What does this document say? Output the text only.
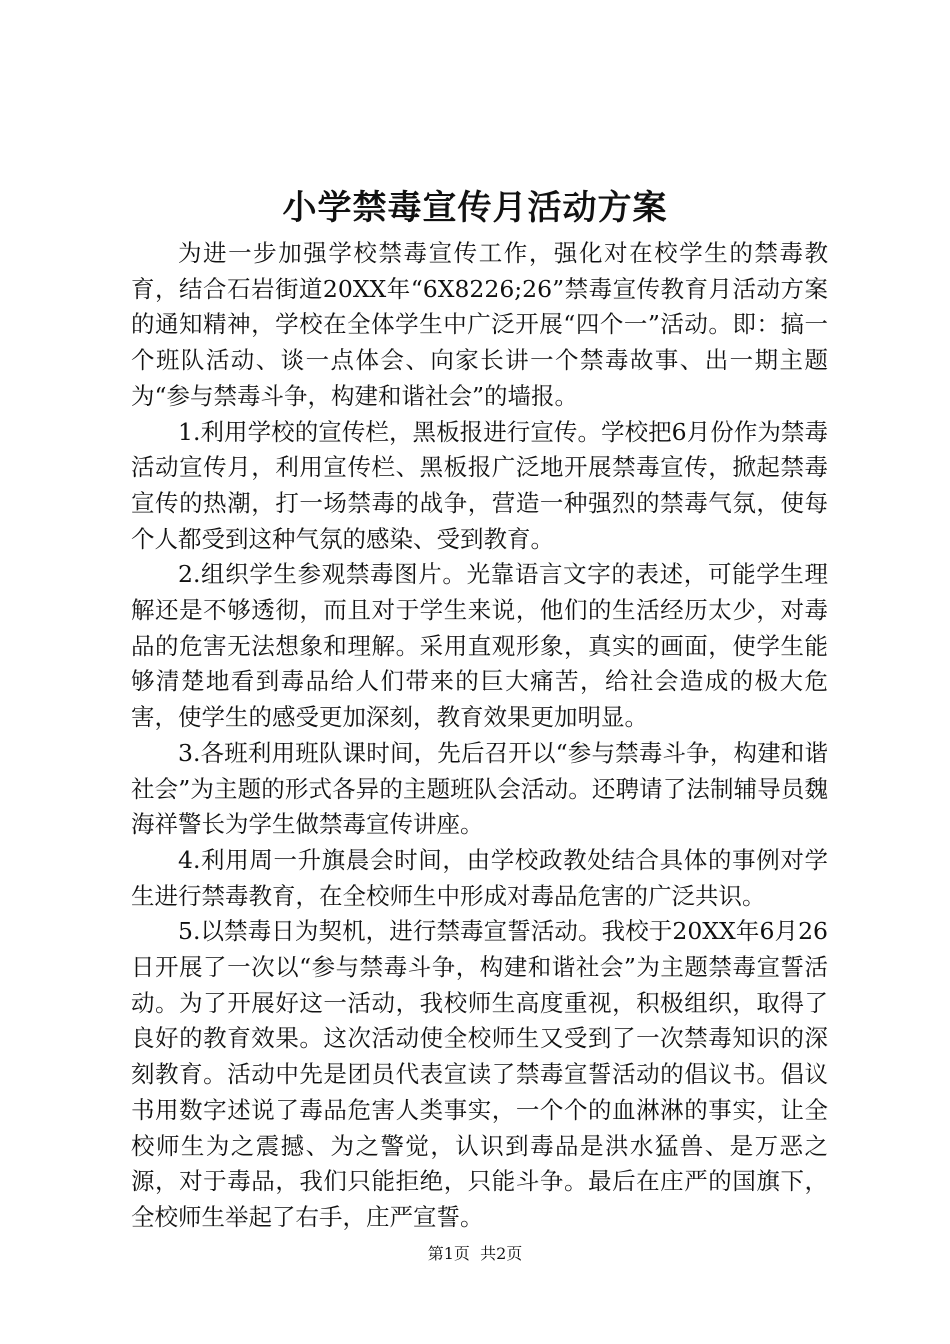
小学禁毒宣传月活动方案

为进一步加强学校禁毒宣传工作，强化对在校学生的禁毒教育，结合石岩街道20XX年“6X8226;26”禁毒宣传教育月活动方案的通知精神，学校在全体学生中广泛开展“四个一”活动。即：搞一个班队活动、谈一点体会、向家长讲一个禁毒故事、出一期主题为“参与禁毒斗争，构建和谐社会”的墙报。

1.利用学校的宣传栏，黑板报进行宣传。学校把6月份作为禁毒活动宣传月，利用宣传栏、黑板报广泛地开展禁毒宣传，掀起禁毒宣传的热潮，打一场禁毒的战争，营造一种强烈的禁毒气氛，使每个人都受到这种气氛的感染、受到教育。

2.组织学生参观禁毒图片。光靠语言文字的表述，可能学生理解还是不够透彻，而且对于学生来说，他们的生活经历太少，对毒品的危害无法想象和理解。采用直观形象，真实的画面，使学生能够清楚地看到毒品给人们带来的巨大痛苦，给社会造成的极大危害，使学生的感受更加深刻，教育效果更加明显。

3.各班利用班队课时间，先后召开以“参与禁毒斗争，构建和谐社会”为主题的形式各异的主题班队会活动。还聘请了法制辅导员魏海祥警长为学生做禁毒宣传讲座。

4.利用周一升旗晨会时间，由学校政教处结合具体的事例对学生进行禁毒教育，在全校师生中形成对毒品危害的广泛共识。

5.以禁毒日为契机，进行禁毒宣誓活动。我校于20XX年6月26日开展了一次以“参与禁毒斗争，构建和谐社会”为主题禁毒宣誓活动。为了开展好这一活动，我校师生高度重视，积极组织，取得了良好的教育效果。这次活动使全校师生又受到了一次禁毒知识的深刻教育。活动中先是团员代表宣读了禁毒宣誓活动的倡议书。倡议书用数字述说了毒品危害人类事实，一个个的血淋淋的事实，让全校师生为之震撼、为之警觉，认识到毒品是洪水猛兽、是万恶之源，对于毒品，我们只能拒绝，只能斗争。最后在庄严的国旗下，全校师生举起了右手，庄严宣誓。

第1页 共2页
